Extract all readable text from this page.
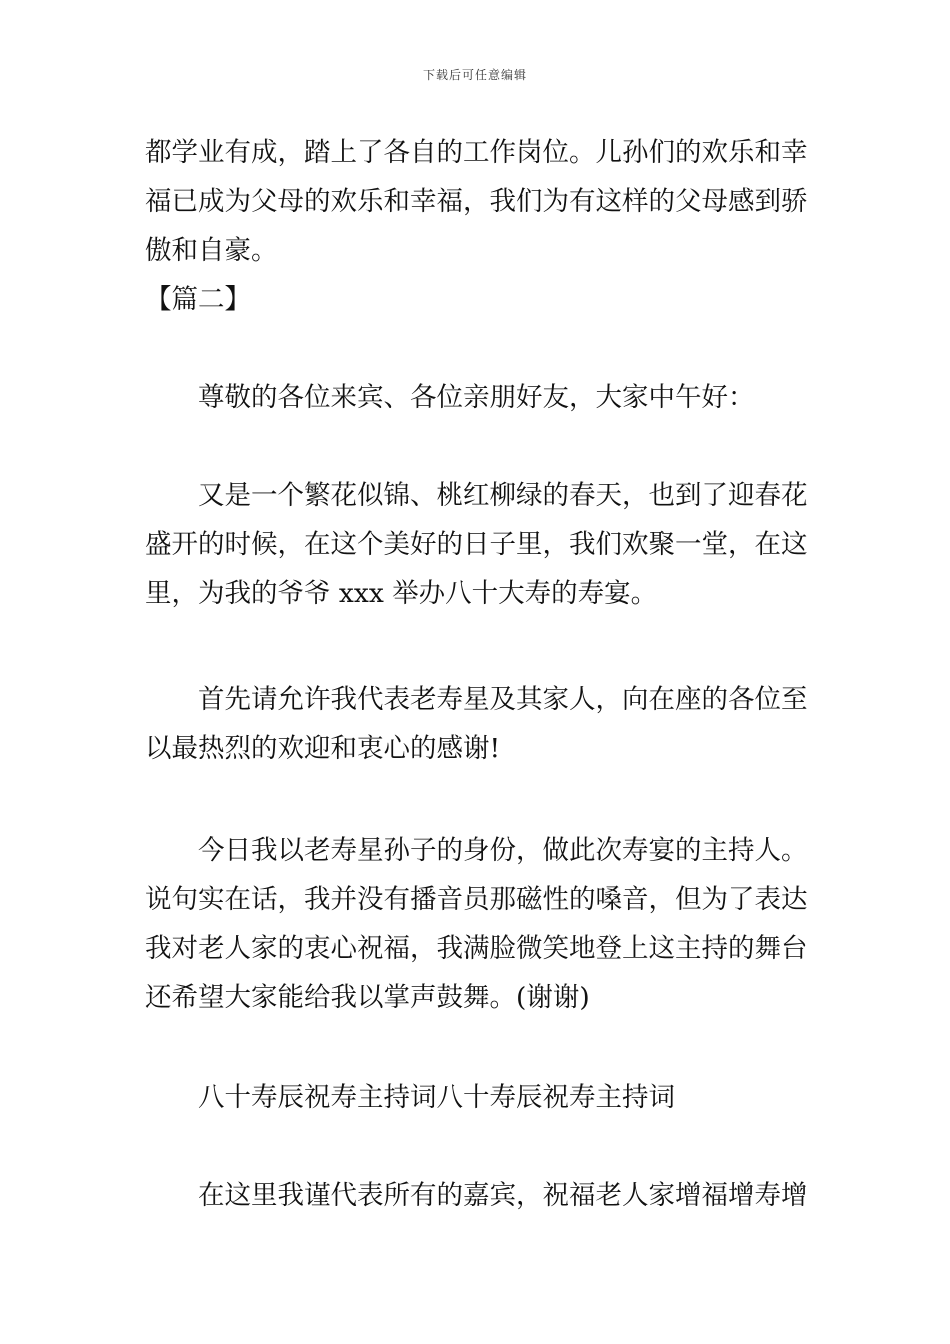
下载后可任意编辑
都学业有成，踏上了各自的工作岗位。儿孙们的欢乐和幸
福已成为父母的欢乐和幸福，我们为有这样的父母感到骄
傲和自豪。
【篇二】
尊敬的各位来宾、各位亲朋好友，大家中午好：
又是一个繁花似锦、桃红柳绿的春天，也到了迎春花
盛开的时候，在这个美好的日子里，我们欢聚一堂，在这
里，为我的爷爷 xxx 举办八十大寿的寿宴。
首先请允许我代表老寿星及其家人，向在座的各位至
以最热烈的欢迎和衷心的感谢!
今日我以老寿星孙子的身份，做此次寿宴的主持人。
说句实在话，我并没有播音员那磁性的嗓音，但为了表达
我对老人家的衷心祝福，我满脸微笑地登上这主持的舞台
还希望大家能给我以掌声鼓舞。(谢谢)
八十寿辰祝寿主持词八十寿辰祝寿主持词
在这里我谨代表所有的嘉宾，祝福老人家增福增寿增
